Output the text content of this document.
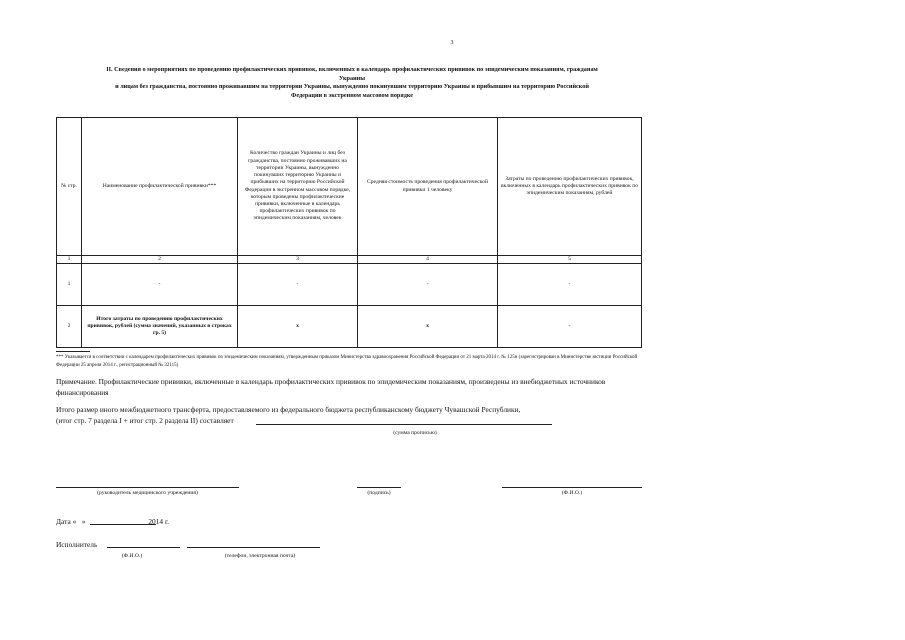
3
II. Сведения о мероприятиях по проведению профилактических прививок, включенных в календарь профилактических прививок по эпидемическим показаниям, гражданам
Украины
и лицам без гражданства, постоянно проживавшим на территории Украины, вынужденно покинувшим территорию Украины и прибывшим на территорию Российской
Федерации в экстренном массовом порядке
№ стр.	Наименование профилактической прививки***	Количество граждан Украины и лиц без гражданства, постоянно проживавших на территории Украины, вынужденно покинувших территорию Украины и прибывших на территорию Российской Федерации в экстренном массовом порядке, которым проведены профилактические прививки, включенные в календарь профилактических прививок по эпидемическим показаниям, человек	Средняя стоимость проведения профилактической прививки 1 человеку	Затраты по проведению профилактических прививок, включенных в календарь профилактических прививок по эпидемическим показаниям, рублей
1	2	3	4	5
1	-	-	-	-
2	Итого затраты по проведению профилактических прививок, рублей (сумма значений, указанных в строках гр. 5)	x	x	-
*** Указывается в соответствии с календарем профилактических прививок по эпидемическим показаниям, утвержденным приказом Министерства здравоохранения Российской Федерации от 21 марта 2014 г. № 125н (зарегистрирован в Министерстве юстиции Российской Федерации 25 апреля 2014 г., регистрационный № 32115)
Примечание. Профилактические прививки, включенные в календарь профилактических прививок по эпидемическим показаниям, произведены из внебюджетных источников финансирования
Итого размер иного межбюджетного трансферта, предоставляемого из федерального бюджета республиканскому бюджету Чувашской Республики,
(итог стр. 7 раздела I + итог стр. 2 раздела II) составляет
(сумма прописью)
(руководитель медицинского учреждения)	(подпись)	(Ф.И.О.)
Дата «   »                                  2014 г.
Исполнитель
(Ф.И.О.)	(телефон, электронная почта)
